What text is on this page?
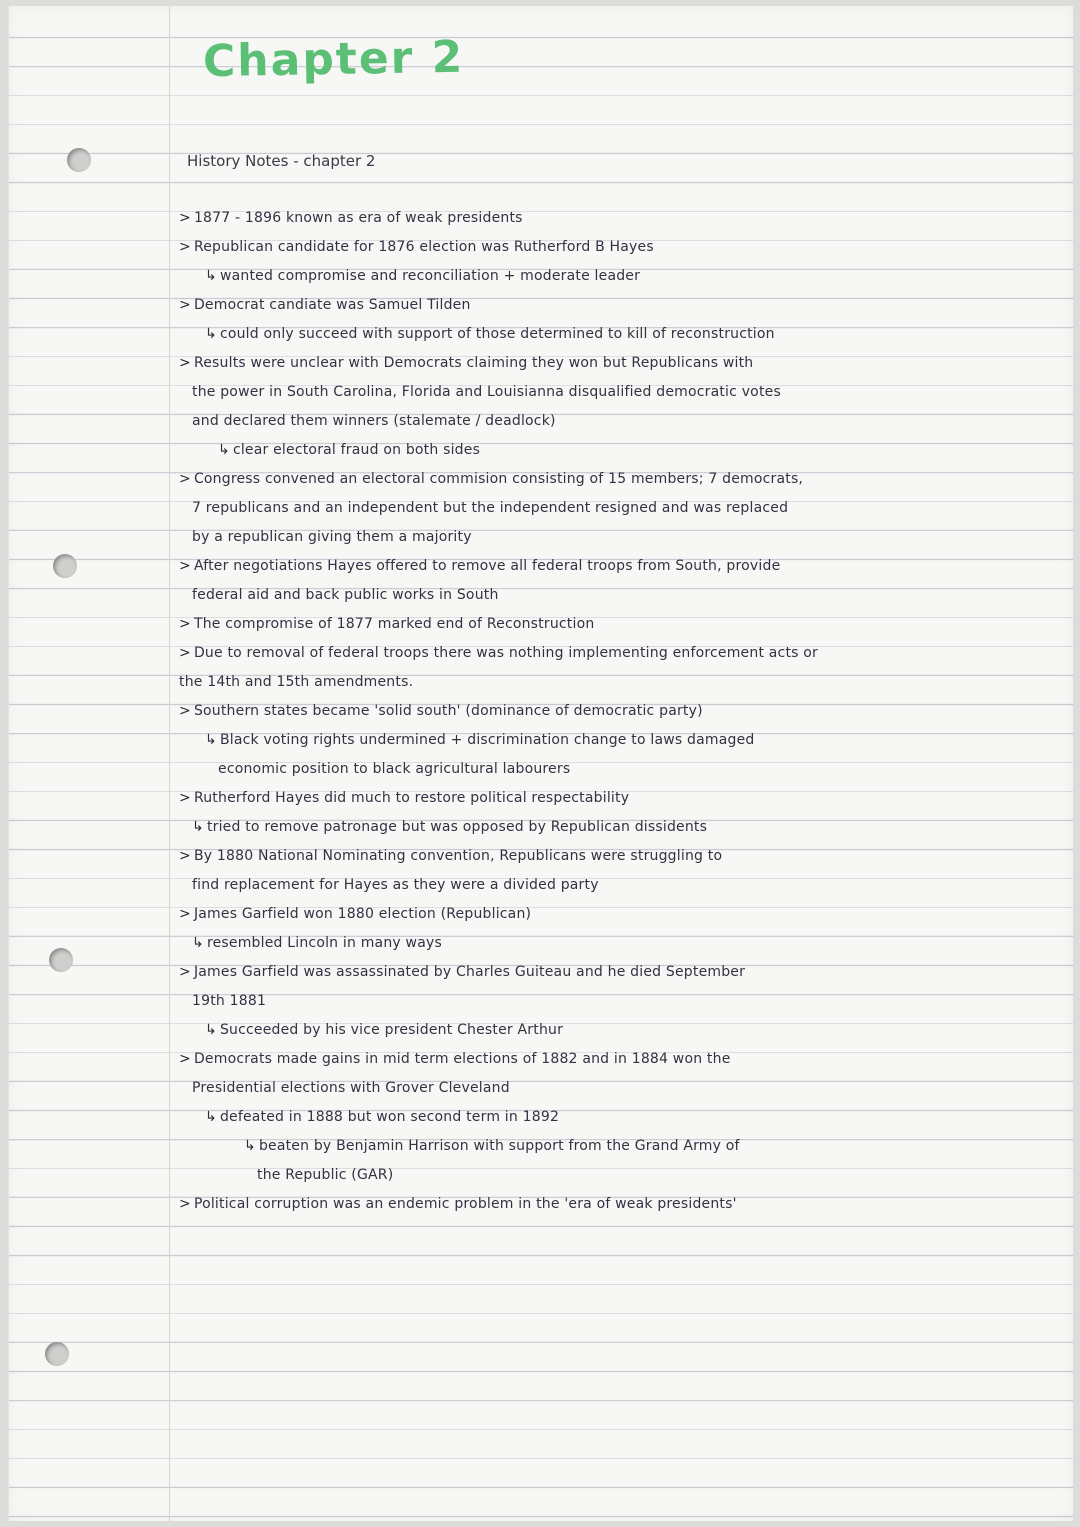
Chapter 2
History Notes - chapter 2
> 1877 - 1896 known as era of weak presidents
> Republican candidate for 1876 election was Rutherford B Hayes
↳ wanted compromise and reconciliation + moderate leader
> Democrat candiate was Samuel Tilden
↳ could only succeed with support of those determined to kill of reconstruction
> Results were unclear with Democrats claiming they won but Republicans with
the power in South Carolina, Florida and Louisianna disqualified democratic votes
and declared them winners (stalemate / deadlock)
↳ clear electoral fraud on both sides
> Congress convened an electoral commision consisting of 15 members; 7 democrats,
7 republicans and an independent but the independent resigned and was replaced
by a republican giving them a majority
> After negotiations Hayes offered to remove all federal troops from South, provide
federal aid and back public works in South
> The compromise of 1877 marked end of Reconstruction
> Due to removal of federal troops there was nothing implementing enforcement acts or
the 14th and 15th amendments.
> Southern states became 'solid south' (dominance of democratic party)
↳ Black voting rights undermined + discrimination change to laws damaged
economic position to black agricultural labourers
> Rutherford Hayes did much to restore political respectability
↳ tried to remove patronage but was opposed by Republican dissidents
> By 1880 National Nominating convention, Republicans were struggling to
find replacement for Hayes as they were a divided party
> James Garfield won 1880 election (Republican)
↳ resembled Lincoln in many ways
> James Garfield was assassinated by Charles Guiteau and he died September
19th 1881
↳ Succeeded by his vice president Chester Arthur
> Democrats made gains in mid term elections of 1882 and in 1884 won the
Presidential elections with Grover Cleveland
↳ defeated in 1888 but won second term in 1892
↳ beaten by Benjamin Harrison with support from the Grand Army of
the Republic (GAR)
> Political corruption was an endemic problem in the 'era of weak presidents'
